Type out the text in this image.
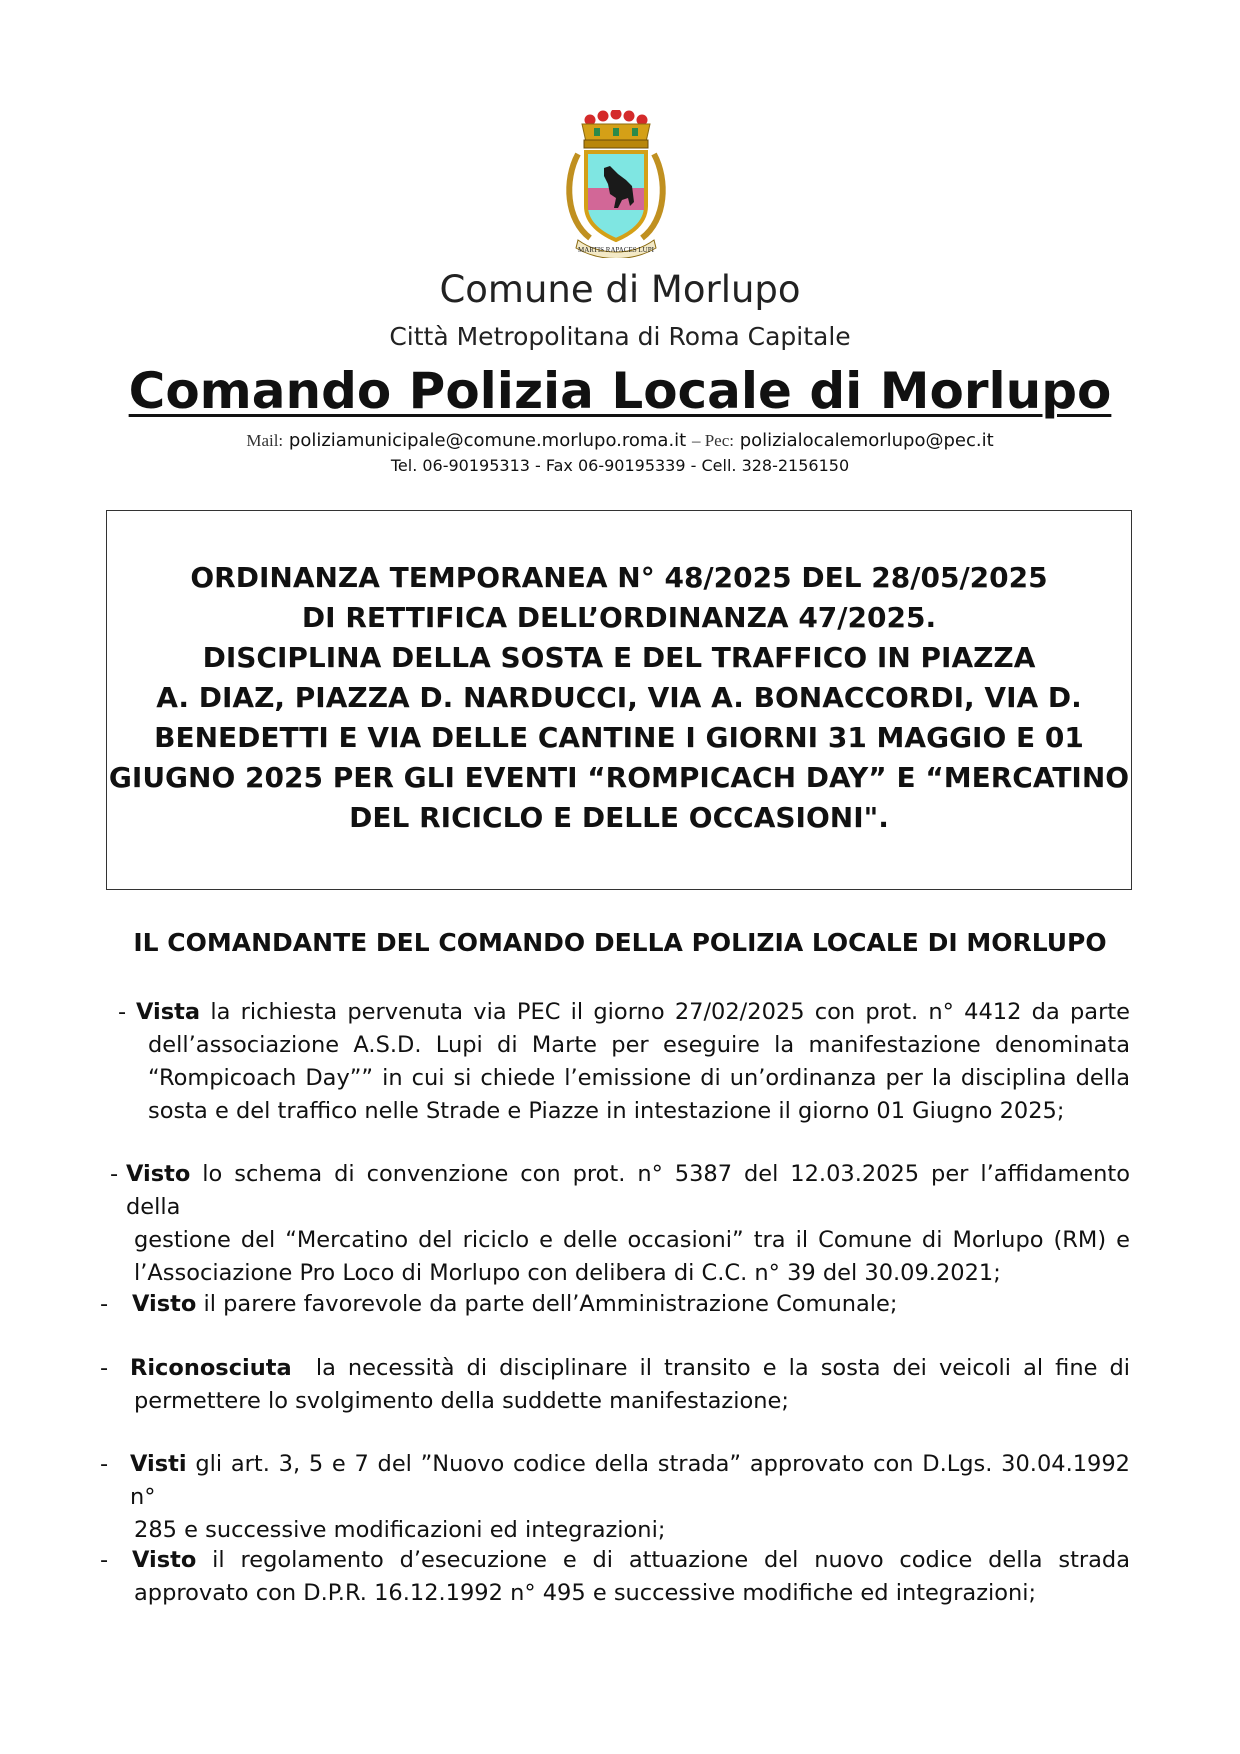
MARTIS RAPACES LUPI
Comune di Morlupo
Città Metropolitana di Roma Capitale
Comando Polizia Locale di Morlupo
Mail: poliziamunicipale@comune.morlupo.roma.it – Pec: polizialocalemorlupo@pec.it
Tel. 06-90195313 - Fax 06-90195339 - Cell. 328-2156150
ORDINANZA TEMPORANEA N° 48/2025 DEL 28/05/2025
DI RETTIFICA DELL’ORDINANZA 47/2025.
DISCIPLINA DELLA SOSTA E DEL TRAFFICO IN PIAZZA
A. DIAZ, PIAZZA D. NARDUCCI, VIA A. BONACCORDI, VIA D.
BENEDETTI E VIA DELLE CANTINE I GIORNI 31 MAGGIO E 01
GIUGNO 2025 PER GLI EVENTI “ROMPICACH DAY” E “MERCATINO
DEL RICICLO E DELLE OCCASIONI".
IL COMANDANTE DEL COMANDO DELLA POLIZIA LOCALE DI MORLUPO
- Vista la richiesta pervenuta via PEC il giorno 27/02/2025 con prot. n° 4412 da parte
dell’associazione A.S.D. Lupi di Marte per eseguire la manifestazione denominata
“Rompicoach Day”” in cui si chiede l’emissione di un’ordinanza per la disciplina della
sosta e del traffico nelle Strade e Piazze in intestazione il giorno 01 Giugno 2025;
- Visto lo schema di convenzione con prot. n° 5387 del 12.03.2025 per l’affidamento della
gestione del “Mercatino del riciclo e delle occasioni” tra il Comune di Morlupo (RM) e
l’Associazione Pro Loco di Morlupo con delibera di C.C. n° 39 del 30.09.2021;
-	Visto il parere favorevole da parte dell’Amministrazione Comunale;
- Riconosciuta la necessità di disciplinare il transito e la sosta dei veicoli al fine di
permettere lo svolgimento della suddette manifestazione;
- Visti gli art. 3, 5 e 7 del ”Nuovo codice della strada” approvato con D.Lgs. 30.04.1992 n°
285 e successive modificazioni ed integrazioni;
-	Visto il regolamento d’esecuzione e di attuazione del nuovo codice della strada
approvato con D.P.R. 16.12.1992 n° 495 e successive modifiche ed integrazioni;
